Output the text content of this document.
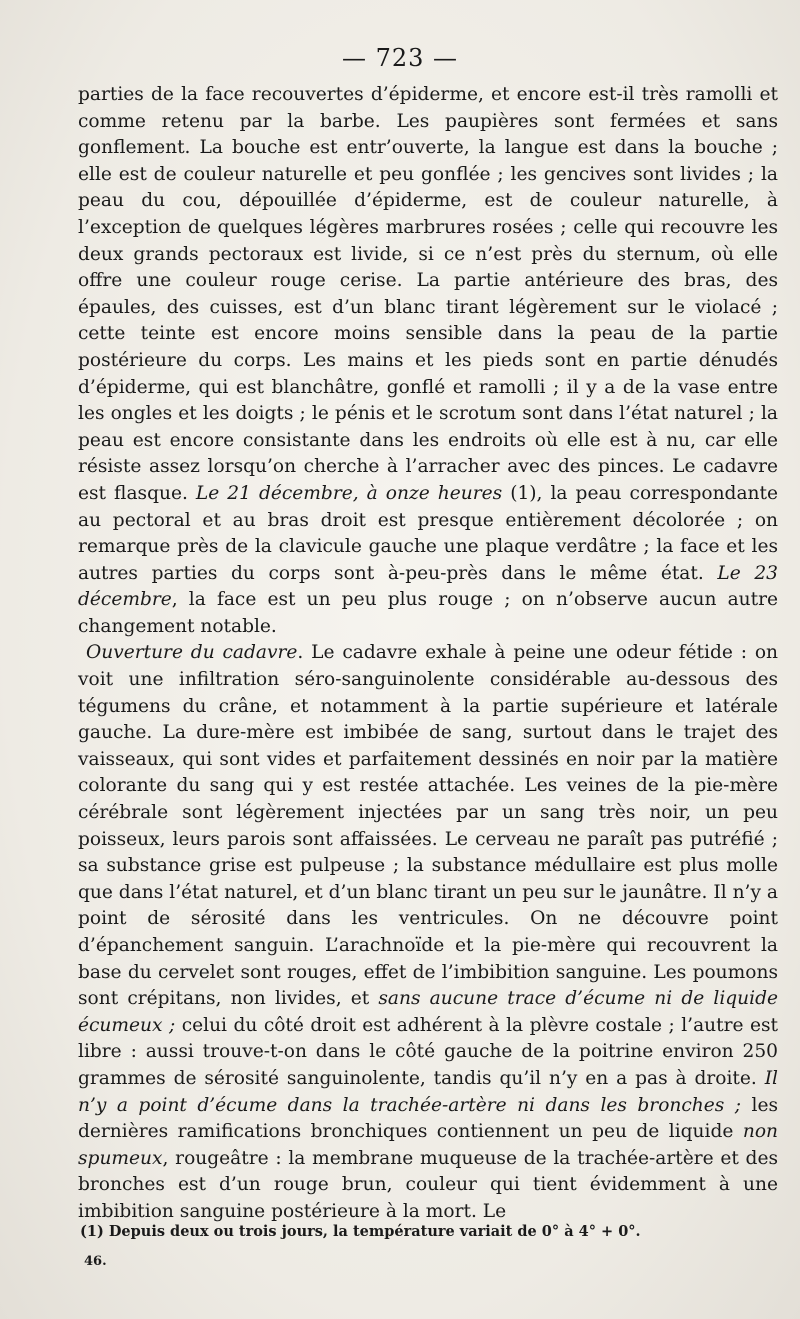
— 723 —

parties de la face recouvertes d’épiderme, et encore est-il très ramolli et comme retenu par la barbe. Les paupières sont fermées et sans gonflement. La bouche est entr’ouverte, la langue est dans la bouche ; elle est de couleur naturelle et peu gonflée ; les gencives sont livides ; la peau du cou, dépouillée d’épiderme, est de couleur naturelle, à l’exception de quelques légères marbrures rosées ; celle qui recouvre les deux grands pectoraux est livide, si ce n’est près du sternum, où elle offre une couleur rouge cerise. La partie antérieure des bras, des épaules, des cuisses, est d’un blanc tirant légèrement sur le violacé ; cette teinte est encore moins sensible dans la peau de la partie postérieure du corps. Les mains et les pieds sont en partie dénudés d’épiderme, qui est blanchâtre, gonflé et ramolli ; il y a de la vase entre les ongles et les doigts ; le pénis et le scrotum sont dans l’état naturel ; la peau est encore consistante dans les endroits où elle est à nu, car elle résiste assez lorsqu’on cherche à l’arracher avec des pinces. Le cadavre est flasque. Le 21 décembre, à onze heures (1), la peau correspondante au pectoral et au bras droit est presque entièrement décolorée ; on remarque près de la clavicule gauche une plaque verdâtre ; la face et les autres parties du corps sont à-peu-près dans le même état. Le 23 décembre, la face est un peu plus rouge ; on n’observe aucun autre changement notable.

Ouverture du cadavre. Le cadavre exhale à peine une odeur fétide : on voit une infiltration séro-sanguinolente considérable au-dessous des tégumens du crâne, et notamment à la partie supérieure et latérale gauche. La dure-mère est imbibée de sang, surtout dans le trajet des vaisseaux, qui sont vides et parfaitement dessinés en noir par la matière colorante du sang qui y est restée attachée. Les veines de la pie-mère cérébrale sont légèrement injectées par un sang très noir, un peu poisseux, leurs parois sont affaissées. Le cerveau ne paraît pas putréfié ; sa substance grise est pulpeuse ; la substance médullaire est plus molle que dans l’état naturel, et d’un blanc tirant un peu sur le jaunâtre. Il n’y a point de sérosité dans les ventricules. On ne découvre point d’épanchement sanguin. L’arachnoïde et la pie-mère qui recouvrent la base du cervelet sont rouges, effet de l’imbibition sanguine. Les poumons sont crépitans, non livides, et sans aucune trace d’écume ni de liquide écumeux ; celui du côté droit est adhérent à la plèvre costale ; l’autre est libre : aussi trouve-t-on dans le côté gauche de la poitrine environ 250 grammes de sérosité sanguinolente, tandis qu’il n’y en a pas à droite. Il n’y a point d’écume dans la trachée-artère ni dans les bronches ; les dernières ramifications bronchiques contiennent un peu de liquide non spumeux, rougeâtre : la membrane muqueuse de la trachée-artère et des bronches est d’un rouge brun, couleur qui tient évidemment à une imbibition sanguine postérieure à la mort. Le

(1) Depuis deux ou trois jours, la température variait de 0° à 4° + 0°.
46.
